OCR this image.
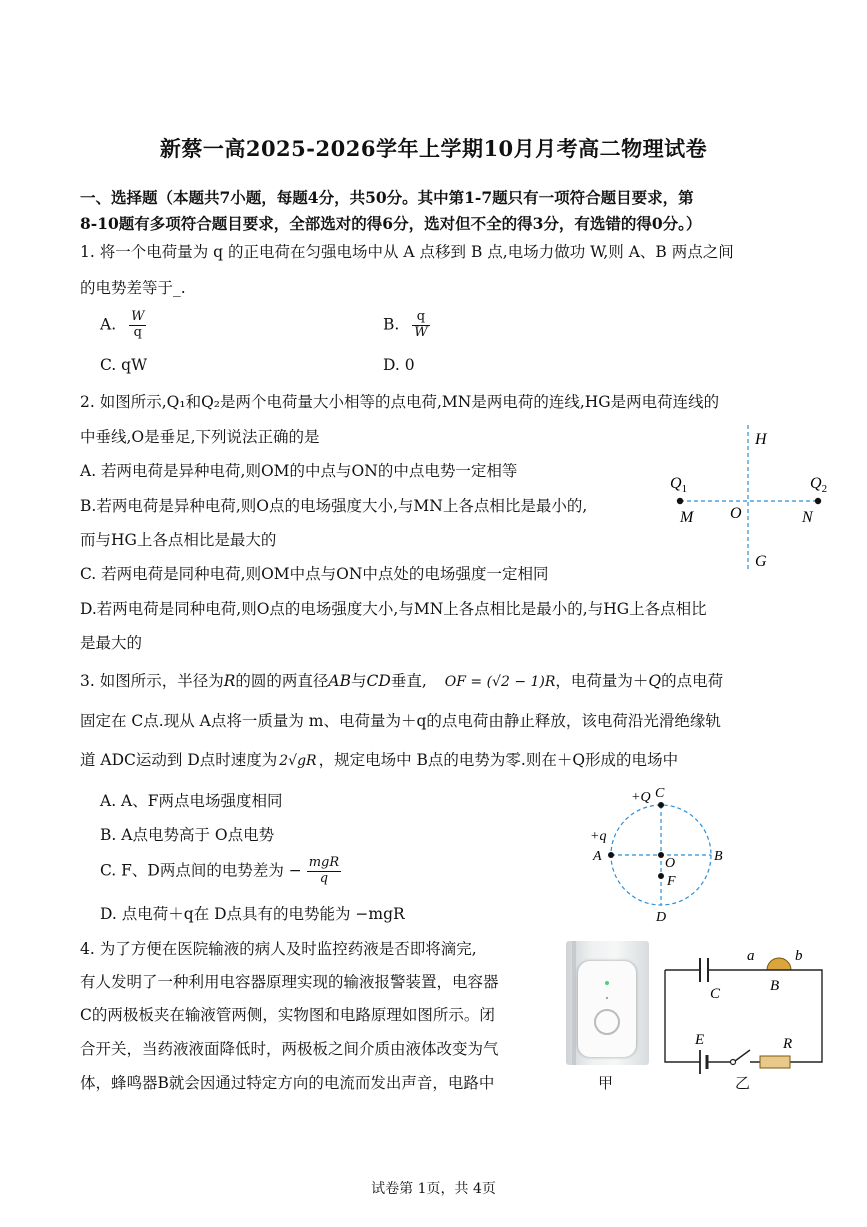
新蔡一高2025-2026学年上学期10月月考高二物理试卷
一、选择题（本题共7小题，每题4分，共50分。其中第1-7题只有一项符合题目要求，第
8-10题有多项符合题目要求，全部选对的得6分，选对但不全的得3分，有选错的得0分。）
1. 将一个电荷量为 q 的正电荷在匀强电场中从 A 点移到 B 点,电场力做功 W,则 A、B 两点之间
的电势差等于_.
A. $\frac{W}{q}$	B. $\frac{q}{W}$
C. qW	D. 0
2. 如图所示,Q₁和Q₂是两个电荷量大小相等的点电荷,MN是两电荷的连线,HG是两电荷连线的
中垂线,O是垂足,下列说法正确的是
A. 若两电荷是异种电荷,则OM的中点与ON的中点电势一定相等
B.若两电荷是异种电荷,则O点的电场强度大小,与MN上各点相比是最小的,
而与HG上各点相比是最大的
C. 若两电荷是同种电荷,则OM中点与ON中点处的电场强度一定相同
D.若两电荷是同种电荷,则O点的电场强度大小,与MN上各点相比是最小的,与HG上各点相比
是最大的
H
G
$Q_1$	$Q_2$
M O	N
3. 如图所示，半径为R的圆的两直径AB与CD垂直, OF = (√2 − 1)R，电荷量为＋Q的点电荷
固定在 C点.现从 A点将一质量为 m、电荷量为＋q的点电荷由静止释放，该电荷沿光滑绝缘轨
道 ADC运动到 D点时速度为 2√gR ，规定电场中 B点的电势为零.则在＋Q形成的电场中
A. A、F两点电场强度相同
B. A点电势高于 O点电势
C. F、D两点间的电势差为 − $\frac{\text{mgR}}{q}$
D. 点电荷＋q在 D点具有的电势能为 −mgR
+Q C
+q
A	O	B
F
D
4. 为了方便在医院输液的病人及时监控药液是否即将滴完,
有人发明了一种利用电容器原理实现的输液报警装置，电容器
C的两极板夹在输液管两侧，实物图和电路原理如图所示。闭
合开关，当药液液面降低时，两极板之间介质由液体改变为气
体，蜂鸣器B就会因通过特定方向的电流而发出声音，电路中	甲
a	b
C	B
E	R
乙
试卷第 1页，共 4页
